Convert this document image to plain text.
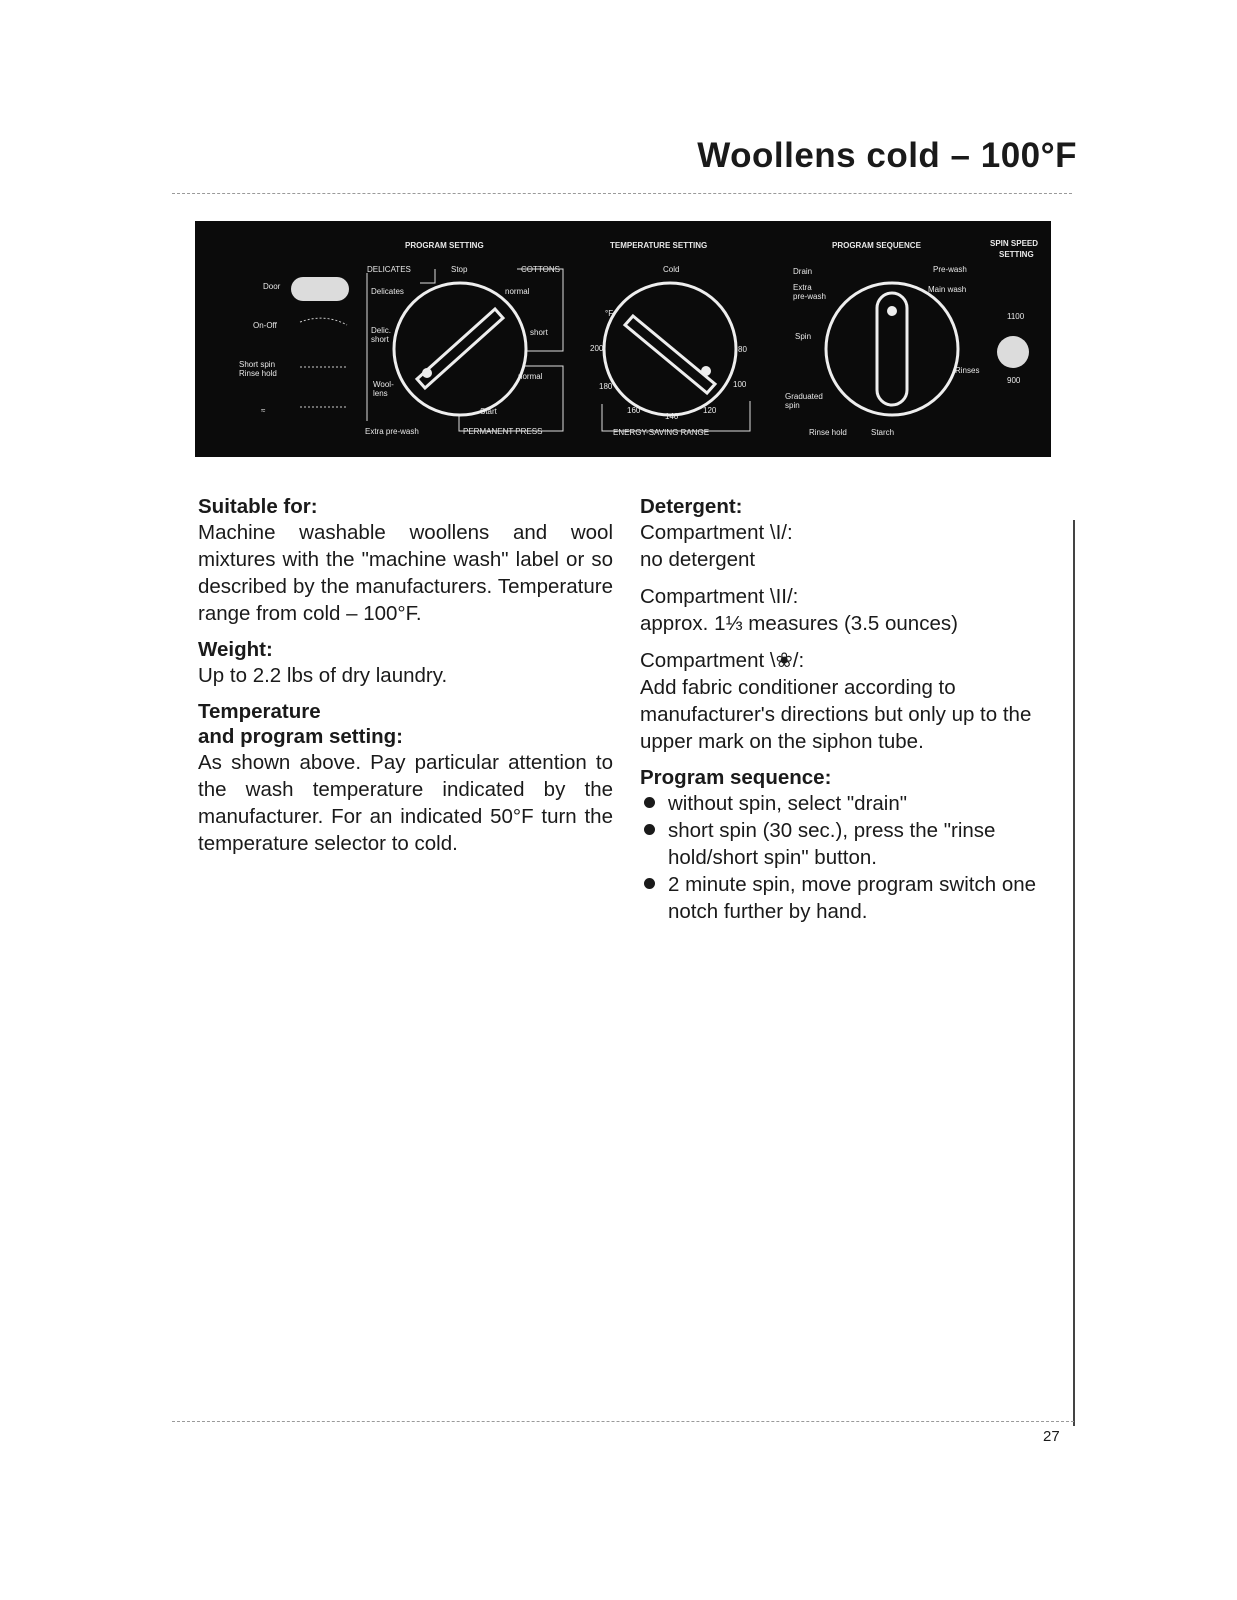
Woollens cold – 100°F
PROGRAM SETTING	TEMPERATURE SETTING	PROGRAM SEQUENCE	SPIN SPEED
SETTING
Door
On-Off
Short spin
Rinse hold
≈
DELICATES	Stop	COTTONS
Delicates	normal
Delic.
short
short
Wool-
lens
normal
Extra pre-wash
Start
PERMANENT PRESS
Cold
°F
200
180
160
140
120
100
80
ENERGY-SAVING RANGE
Drain	Pre-wash
Extra
pre-wash
Main wash
Spin
Rinses
Graduated
spin
Rinse hold	Starch
1100
900
Suitable for:

Machine washable woollens and wool mixtures with the "machine wash" label or so described by the manufacturers. Temperature range from cold – 100°F.

Weight:

Up to 2.2 lbs of dry laundry.

Temperature
and program setting:

As shown above. Pay particular attention to the wash temperature indicated by the manufacturer. For an indicated 50°F turn the temperature selector to cold.

Detergent:

Compartment \I/:

no detergent

Compartment \II/:

approx. 1⅓ measures (3.5 ounces)

Compartment \❀/:

Add fabric conditioner according to manufacturer's directions but only up to the upper mark on the siphon tube.

Program sequence:
without spin, select "drain"
short spin (30 sec.), press the "rinse hold/short spin" button.
2 minute spin, move program switch one notch further by hand.
27
